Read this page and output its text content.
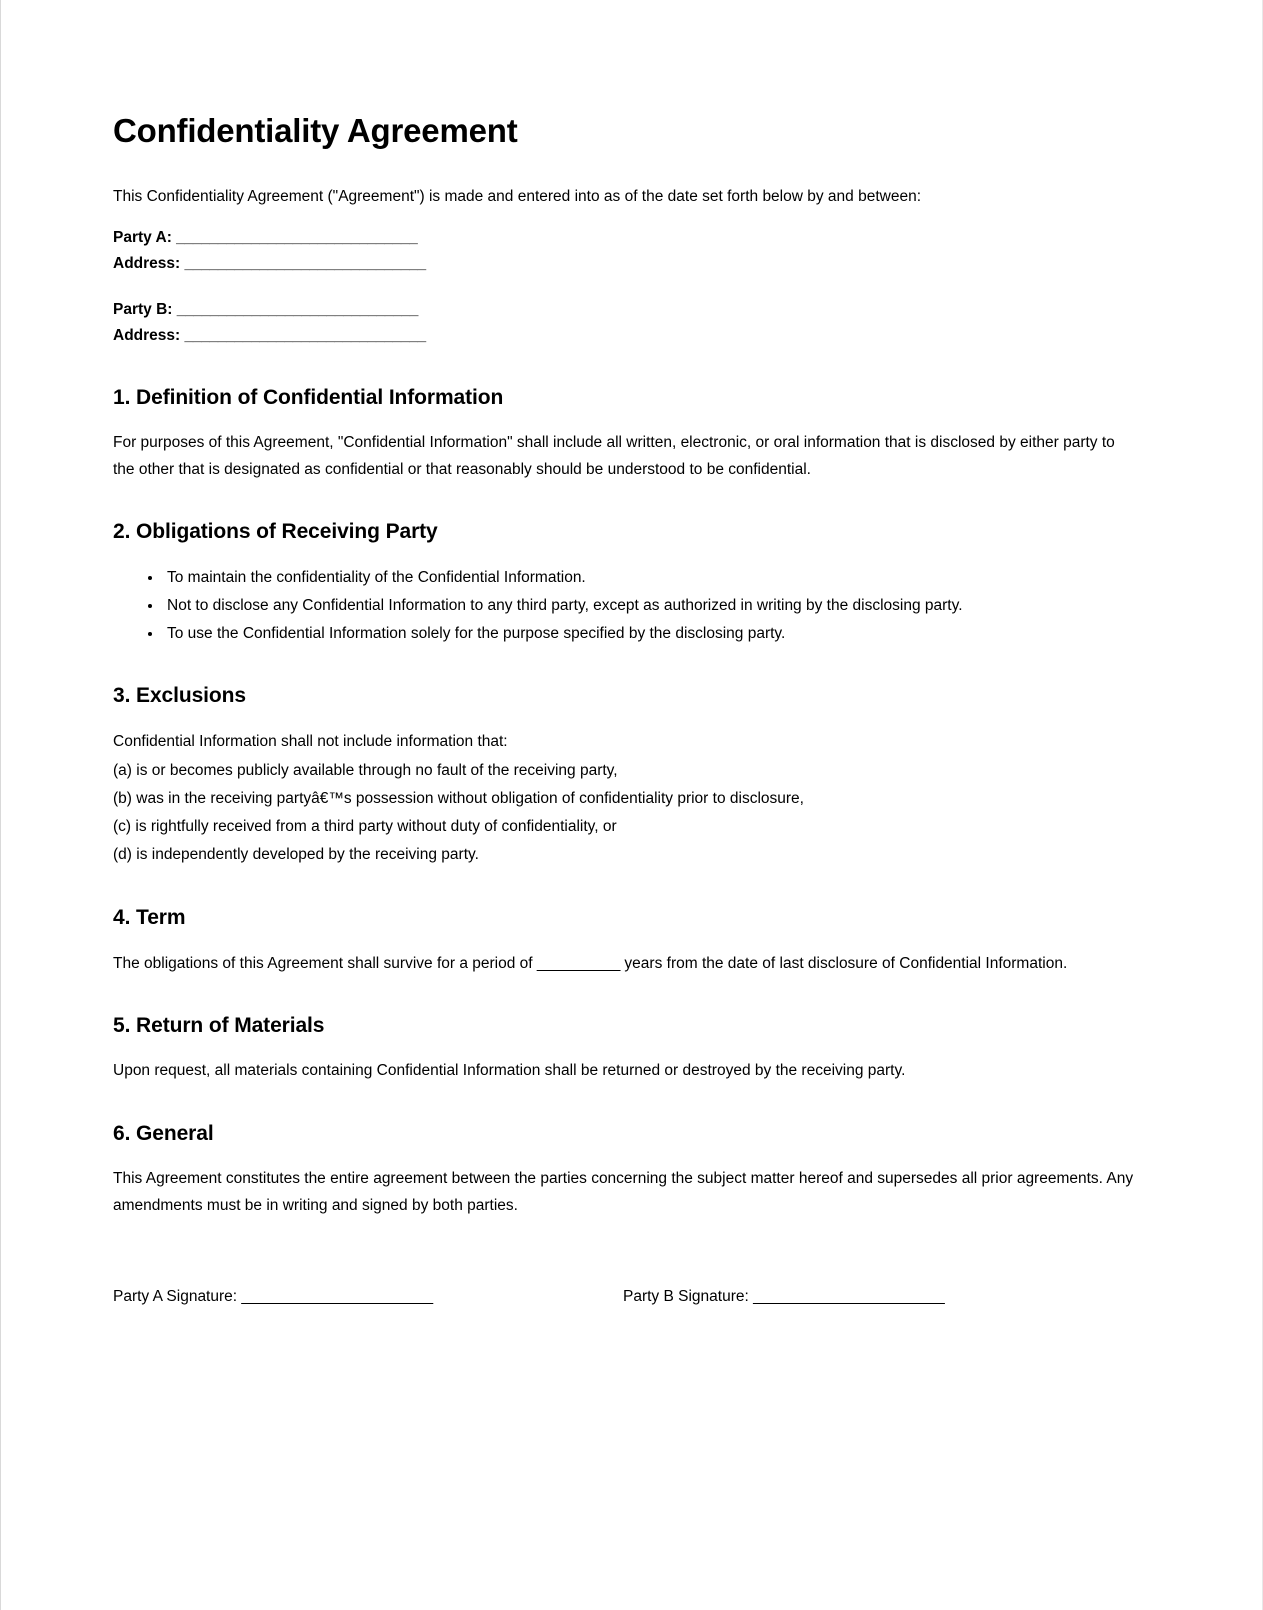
Confidentiality Agreement

This Confidentiality Agreement ("Agreement") is made and entered into as of the date set forth below by and between:

Party A: _____________________________
Address: _____________________________
Party B: _____________________________
Address: _____________________________
1. Definition of Confidential Information

For purposes of this Agreement, "Confidential Information" shall include all written, electronic, or oral information that is disclosed by either party to the other that is designated as confidential or that reasonably should be understood to be confidential.

2. Obligations of Receiving Party
• To maintain the confidentiality of the Confidential Information.
• Not to disclose any Confidential Information to any third party, except as authorized in writing by the disclosing party.
• To use the Confidential Information solely for the purpose specified by the disclosing party.
3. Exclusions

Confidential Information shall not include information that:

(a) is or becomes publicly available through no fault of the receiving party,

(b) was in the receiving partyâ€™s possession without obligation of confidentiality prior to disclosure,

(c) is rightfully received from a third party without duty of confidentiality, or

(d) is independently developed by the receiving party.

4. Term

The obligations of this Agreement shall survive for a period of __________ years from the date of last disclosure of Confidential Information.

5. Return of Materials

Upon request, all materials containing Confidential Information shall be returned or destroyed by the receiving party.

6. General

This Agreement constitutes the entire agreement between the parties concerning the subject matter hereof and supersedes all prior agreements. Any amendments must be in writing and signed by both parties.

Party A Signature: _______________________	Party B Signature: _______________________
